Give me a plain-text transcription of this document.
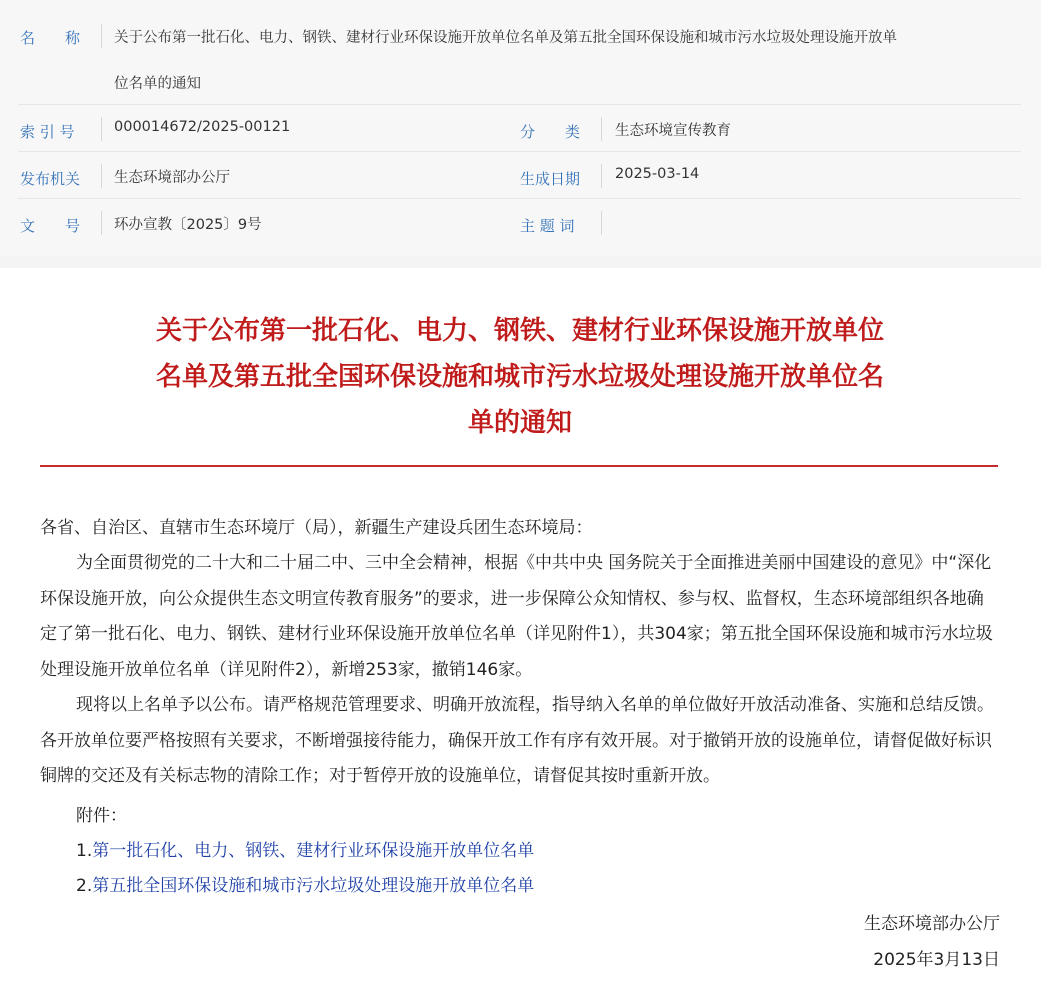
名　　称 关于公布第一批石化、电力、钢铁、建材行业环保设施开放单位名单及第五批全国环保设施和城市污水垃圾处理设施开放单
位名单的通知
索 引 号	000014672/2025-00121	分　　类 生态环境宣传教育
发布机关 生态环境部办公厅	生成日期 2025-03-14
文　　号 环办宣教〔2025〕9号	主 题 词
关于公布第一批石化、电力、钢铁、建材行业环保设施开放单位
名单及第五批全国环保设施和城市污水垃圾处理设施开放单位名
单的通知
各省、自治区、直辖市生态环境厅（局），新疆生产建设兵团生态环境局：
为全面贯彻党的二十大和二十届二中、三中全会精神，根据《中共中央 国务院关于全面推进美丽中国建设的意见》中“深化环保设施开放，向公众提供生态文明宣传教育服务”的要求，进一步保障公众知情权、参与权、监督权，生态环境部组织各地确定了第一批石化、电力、钢铁、建材行业环保设施开放单位名单（详见附件1），共304家；第五批全国环保设施和城市污水垃圾处理设施开放单位名单（详见附件2），新增253家，撤销146家。
现将以上名单予以公布。请严格规范管理要求、明确开放流程，指导纳入名单的单位做好开放活动准备、实施和总结反馈。各开放单位要严格按照有关要求，不断增强接待能力，确保开放工作有序有效开展。对于撤销开放的设施单位，请督促做好标识铜牌的交还及有关标志物的清除工作；对于暂停开放的设施单位，请督促其按时重新开放。
附件：
1.第一批石化、电力、钢铁、建材行业环保设施开放单位名单
2.第五批全国环保设施和城市污水垃圾处理设施开放单位名单
生态环境部办公厅
2025年3月13日
